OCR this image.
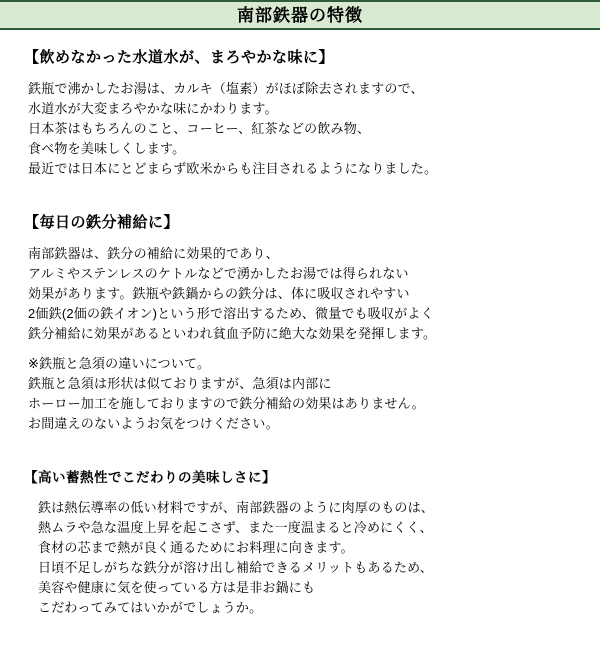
南部鉄器の特徴
【飲めなかった水道水が、まろやかな味に】
鉄瓶で沸かしたお湯は、カルキ（塩素）がほぼ除去されますので、
水道水が大変まろやかな味にかわります。
日本茶はもちろんのこと、コーヒー、紅茶などの飲み物、
食べ物を美味しくします。
最近では日本にとどまらず欧米からも注目されるようになりました。
【毎日の鉄分補給に】
南部鉄器は、鉄分の補給に効果的であり、
アルミやステンレスのケトルなどで湧かしたお湯では得られない
効果があります。鉄瓶や鉄鍋からの鉄分は、体に吸収されやすい
2価鉄(2価の鉄イオン)という形で溶出するため、微量でも吸収がよく
鉄分補給に効果があるといわれ貧血予防に絶大な効果を発揮します。
※鉄瓶と急須の違いについて。
鉄瓶と急須は形状は似ておりますが、急須は内部に
ホーロー加工を施しておりますので鉄分補給の効果はありません。
お間違えのないようお気をつけください。
【高い蓄熱性でこだわりの美味しさに】
鉄は熱伝導率の低い材料ですが、南部鉄器のように肉厚のものは、
熱ムラや急な温度上昇を起こさず、また一度温まると冷めにくく、
食材の芯まで熱が良く通るためにお料理に向きます。
日頃不足しがちな鉄分が溶け出し補給できるメリットもあるため、
美容や健康に気を使っている方は是非お鍋にも
こだわってみてはいかがでしょうか。
